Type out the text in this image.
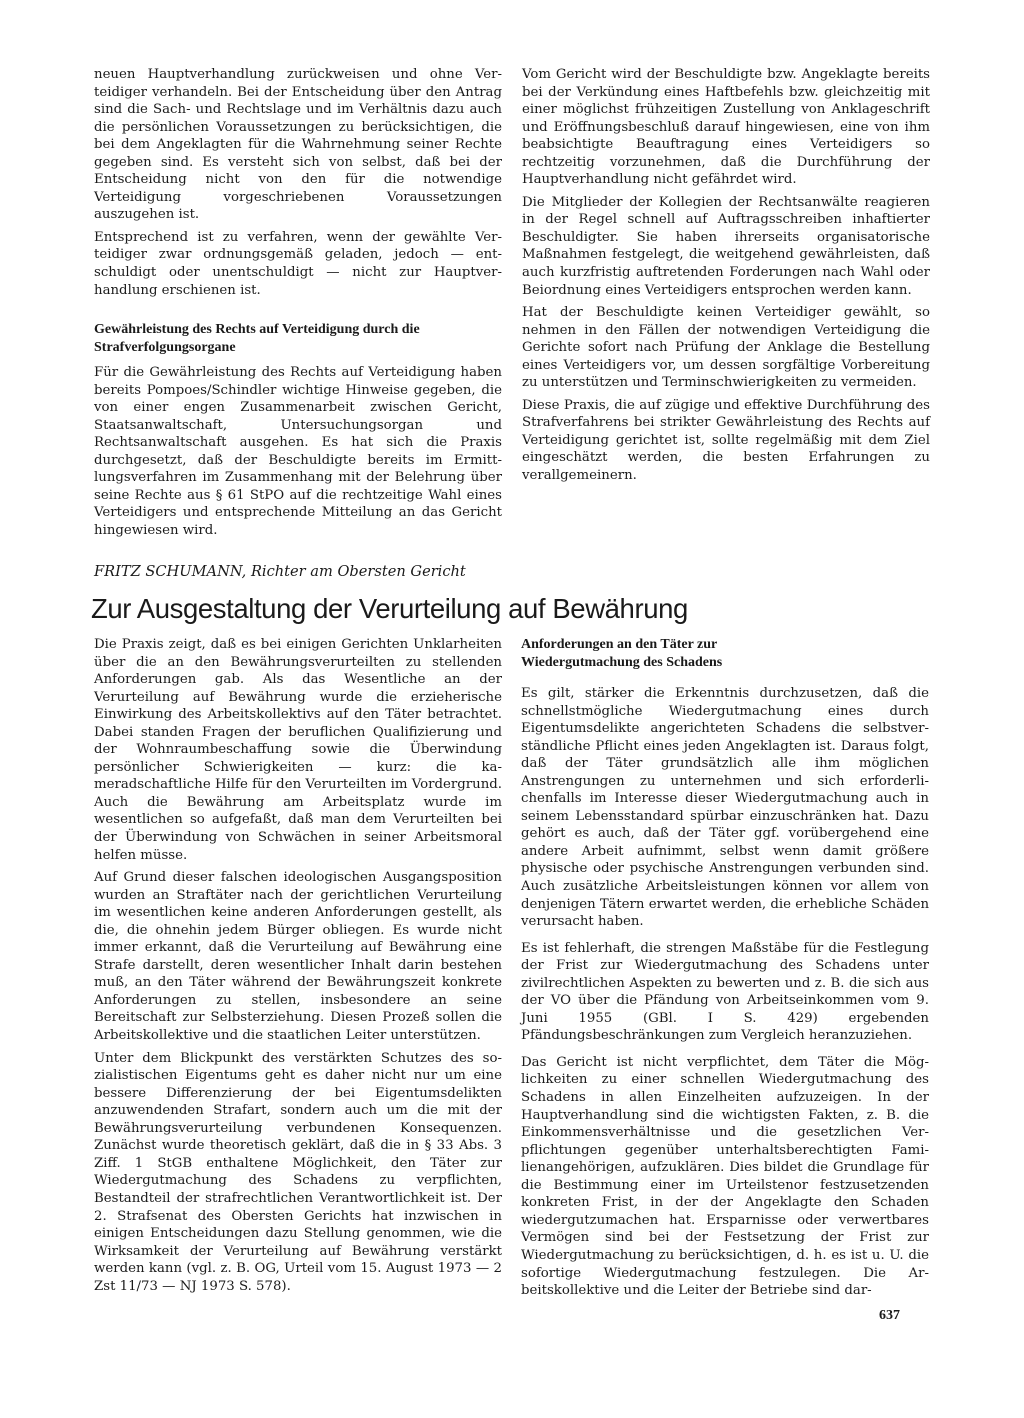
neuen Hauptverhandlung zurückweisen und ohne Verteidiger verhandeln. Bei der Entscheidung über den Antrag sind die Sach- und Rechtslage und im Verhältnis dazu auch die persönlichen Voraussetzungen zu berücksichtigen, die bei dem Angeklagten für die Wahrnehmung seiner Rechte gegeben sind. Es versteht sich von selbst, daß bei der Entscheidung nicht von den für die notwendige Verteidigung vorgeschriebenen Voraussetzungen auszugehen ist.

Entsprechend ist zu verfahren, wenn der gewählte Verteidiger zwar ordnungsgemäß geladen, jedoch — entschuldigt oder unentschuldigt — nicht zur Hauptverhandlung erschienen ist.

Gewährleistung des Rechts auf Verteidigung durch die Strafverfolgungsorgane

Für die Gewährleistung des Rechts auf Verteidigung haben bereits Pompoes/Schindler wichtige Hinweise gegeben, die von einer engen Zusammenarbeit zwischen Gericht, Staatsanwaltschaft, Untersuchungsorgan und Rechtsanwaltschaft ausgehen. Es hat sich die Praxis durchgesetzt, daß der Beschuldigte bereits im Ermittlungsverfahren im Zusammenhang mit der Belehrung über seine Rechte aus § 61 StPO auf die rechtzeitige Wahl eines Verteidigers und entsprechende Mitteilung an das Gericht hingewiesen wird.

Vom Gericht wird der Beschuldigte bzw. Angeklagte bereits bei der Verkündung eines Haftbefehls bzw. gleichzeitig mit einer möglichst frühzeitigen Zustellung von Anklageschrift und Eröffnungsbeschluß darauf hingewiesen, eine von ihm beabsichtigte Beauftragung eines Verteidigers so rechtzeitig vorzunehmen, daß die Durchführung der Hauptverhandlung nicht gefährdet wird.

Die Mitglieder der Kollegien der Rechtsanwälte reagieren in der Regel schnell auf Auftragsschreiben inhaftierter Beschuldigter. Sie haben ihrerseits organisatorische Maßnahmen festgelegt, die weitgehend gewährleisten, daß auch kurzfristig auftretenden Forderungen nach Wahl oder Beiordnung eines Verteidigers entsprochen werden kann.

Hat der Beschuldigte keinen Verteidiger gewählt, so nehmen in den Fällen der notwendigen Verteidigung die Gerichte sofort nach Prüfung der Anklage die Bestellung eines Verteidigers vor, um dessen sorgfältige Vorbereitung zu unterstützen und Terminschwierigkeiten zu vermeiden.

Diese Praxis, die auf zügige und effektive Durchführung des Strafverfahrens bei strikter Gewährleistung des Rechts auf Verteidigung gerichtet ist, sollte regelmäßig mit dem Ziel eingeschätzt werden, die besten Erfahrungen zu verallgemeinern.

FRITZ SCHUMANN, Richter am Obersten Gericht
Zur Ausgestaltung der Verurteilung auf Bewährung

Die Praxis zeigt, daß es bei einigen Gerichten Unklarheiten über die an den Bewährungsverurteilten zu stellenden Anforderungen gab. Als das Wesentliche an der Verurteilung auf Bewährung wurde die erzieherische Einwirkung des Arbeitskollektivs auf den Täter betrachtet. Dabei standen Fragen der beruflichen Qualifizierung und der Wohnraumbeschaffung sowie die Überwindung persönlicher Schwierigkeiten — kurz: die kameradschaftliche Hilfe für den Verurteilten im Vordergrund. Auch die Bewährung am Arbeitsplatz wurde im wesentlichen so aufgefaßt, daß man dem Verurteilten bei der Überwindung von Schwächen in seiner Arbeitsmoral helfen müsse.

Auf Grund dieser falschen ideologischen Ausgangsposition wurden an Straftäter nach der gerichtlichen Verurteilung im wesentlichen keine anderen Anforderungen gestellt, als die, die ohnehin jedem Bürger obliegen. Es wurde nicht immer erkannt, daß die Verurteilung auf Bewährung eine Strafe darstellt, deren wesentlicher Inhalt darin bestehen muß, an den Täter während der Bewährungszeit konkrete Anforderungen zu stellen, insbesondere an seine Bereitschaft zur Selbsterziehung. Diesen Prozeß sollen die Arbeitskollektive und die staatlichen Leiter unterstützen.

Unter dem Blickpunkt des verstärkten Schutzes des sozialistischen Eigentums geht es daher nicht nur um eine bessere Differenzierung der bei Eigentumsdelikten anzuwendenden Strafart, sondern auch um die mit der Bewährungsverurteilung verbundenen Konsequenzen. Zunächst wurde theoretisch geklärt, daß die in § 33 Abs. 3 Ziff. 1 StGB enthaltene Möglichkeit, den Täter zur Wiedergutmachung des Schadens zu verpflichten, Bestandteil der strafrechtlichen Verantwortlichkeit ist. Der 2. Strafsenat des Obersten Gerichts hat inzwischen in einigen Entscheidungen dazu Stellung genommen, wie die Wirksamkeit der Verurteilung auf Bewährung verstärkt werden kann (vgl. z. B. OG, Urteil vom 15. August 1973 — 2 Zst 11/73 — NJ 1973 S. 578).

Anforderungen an den Täter zur Wiedergutmachung des Schadens

Es gilt, stärker die Erkenntnis durchzusetzen, daß die schnellstmögliche Wiedergutmachung eines durch Eigentumsdelikte angerichteten Schadens die selbstverständliche Pflicht eines jeden Angeklagten ist. Daraus folgt, daß der Täter grundsätzlich alle ihm möglichen Anstrengungen zu unternehmen und sich erforderlichenfalls im Interesse dieser Wiedergutmachung auch in seinem Lebensstandard spürbar einzuschränken hat. Dazu gehört es auch, daß der Täter ggf. vorübergehend eine andere Arbeit aufnimmt, selbst wenn damit größere physische oder psychische Anstrengungen verbunden sind. Auch zusätzliche Arbeitsleistungen können vor allem von denjenigen Tätern erwartet werden, die erhebliche Schäden verursacht haben.

Es ist fehlerhaft, die strengen Maßstäbe für die Festlegung der Frist zur Wiedergutmachung des Schadens unter zivilrechtlichen Aspekten zu bewerten und z. B. die sich aus der VO über die Pfändung von Arbeitseinkommen vom 9. Juni 1955 (GBl. I S. 429) ergebenden Pfändungsbeschränkungen zum Vergleich heranzuziehen.

Das Gericht ist nicht verpflichtet, dem Täter die Möglichkeiten zu einer schnellen Wiedergutmachung des Schadens in allen Einzelheiten aufzuzeigen. In der Hauptverhandlung sind die wichtigsten Fakten, z. B. die Einkommensverhältnisse und die gesetzlichen Verpflichtungen gegenüber unterhaltsberechtigten Familienangehörigen, aufzuklären. Dies bildet die Grundlage für die Bestimmung einer im Urteilstenor festzusetzenden konkreten Frist, in der der Angeklagte den Schaden wiedergutzumachen hat. Ersparnisse oder verwertbares Vermögen sind bei der Festsetzung der Frist zur Wiedergutmachung zu berücksichtigen, d. h. es ist u. U. die sofortige Wiedergutmachung festzulegen. Die Arbeitskollektive und die Leiter der Betriebe sind dar-

637
